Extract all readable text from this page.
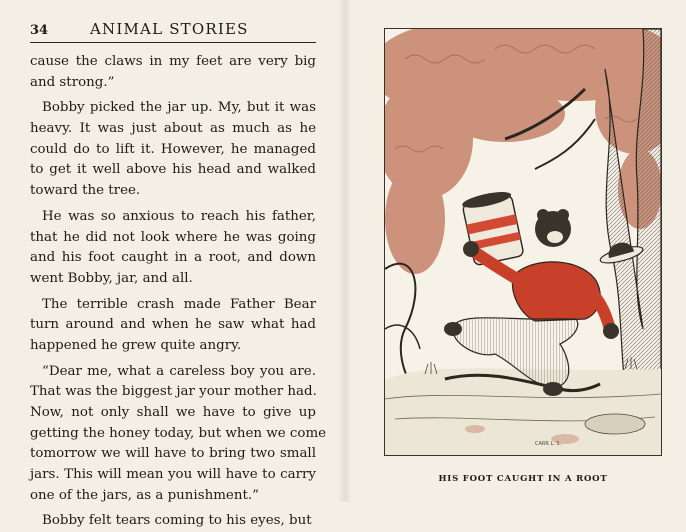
34	ANIMAL STORIES
cause the claws in my feet are very big
and strong.”
Bobby picked the jar up. My, but it was
heavy. It was just about as much as he
could do to lift it. However, he managed
to get it well above his head and walked
toward the tree.
He was so anxious to reach his father,
that he did not look where he was going
and his foot caught in a root, and down
went Bobby, jar, and all.
The terrible crash made Father Bear
turn around and when he saw what had
happened he grew quite angry.
“Dear me, what a careless boy you are.
That was the biggest jar your mother had.
Now, not only shall we have to give up
getting the honey today, but when we come
tomorrow we will have to bring two small
jars. This will mean you will have to carry
one of the jars, as a punishment.”
Bobby felt tears coming to his eyes, but
CARR L. S.
HIS FOOT CAUGHT IN A ROOT
